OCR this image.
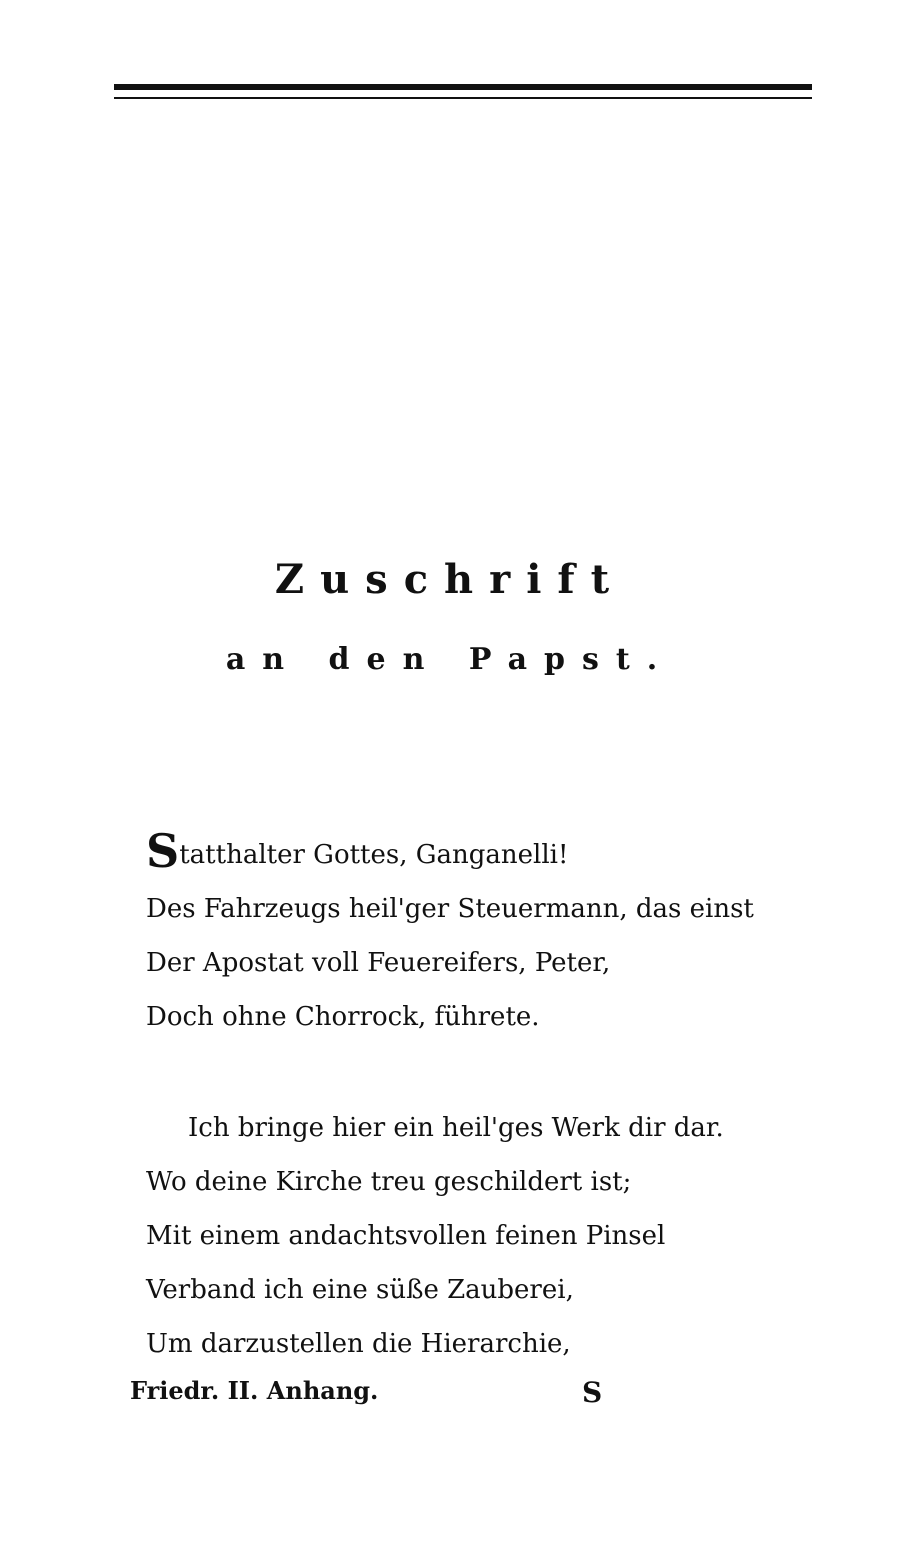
Zuschrift
an den Papst.
Statthalter Gottes, Ganganelli!
Des Fahrzeugs heil'ger Steuermann, das einst
Der Apostat voll Feuereifers, Peter,
Doch ohne Chorrock, führete.
Ich bringe hier ein heil'ges Werk dir dar.
Wo deine Kirche treu geschildert ist;
Mit einem andachtsvollen feinen Pinsel
Verband ich eine süße Zauberei,
Um darzustellen die Hierarchie,
Friedr. II. Anhang.	S
